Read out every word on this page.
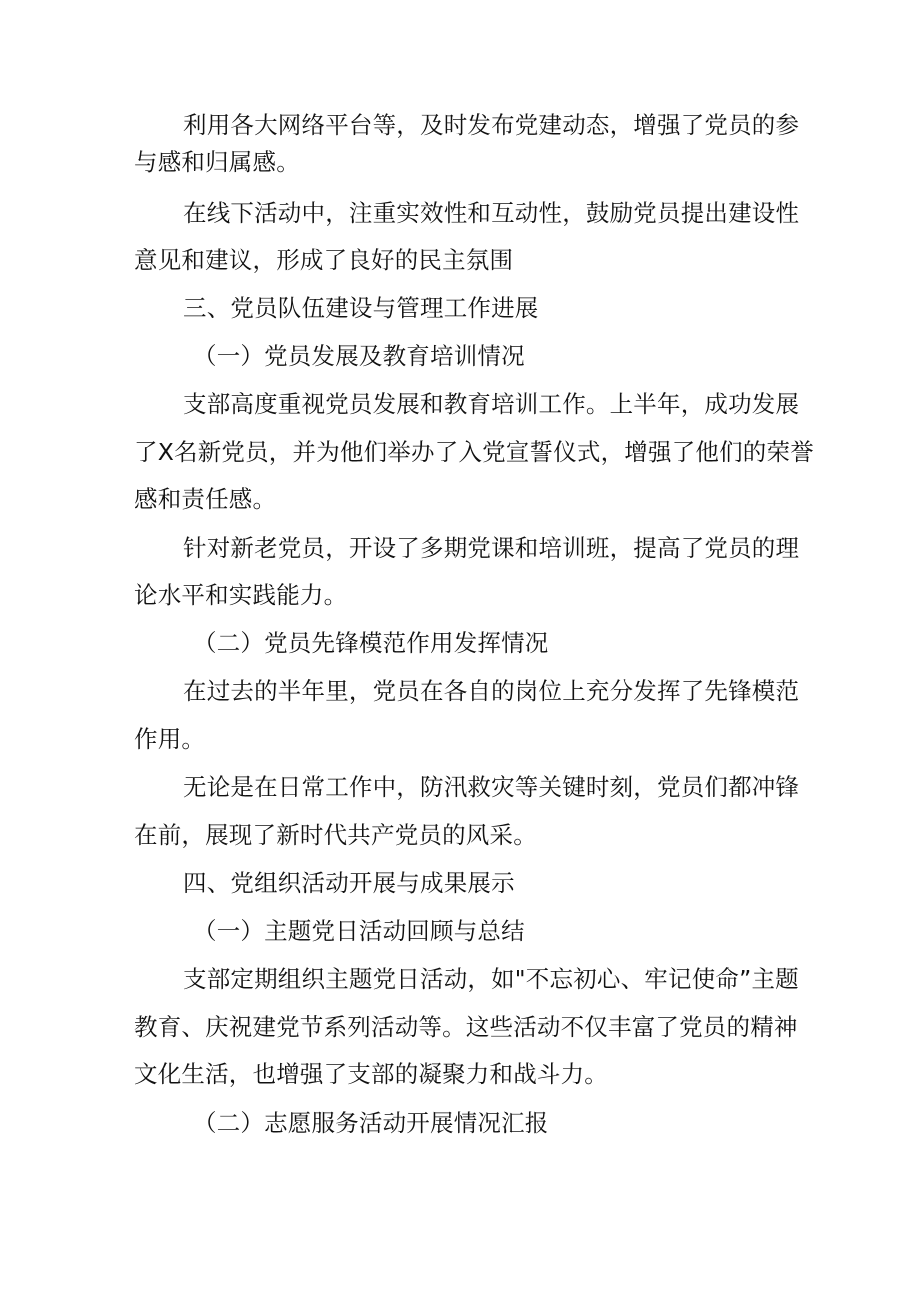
利用各大网络平台等，及时发布党建动态，增强了党员的参
与感和归属感。
在线下活动中，注重实效性和互动性，鼓励党员提出建设性
意见和建议，形成了良好的民主氛围
三、党员队伍建设与管理工作进展
（一）党员发展及教育培训情况
支部高度重视党员发展和教育培训工作。上半年，成功发展
了X名新党员，并为他们举办了入党宣誓仪式，增强了他们的荣誉
感和责任感。
针对新老党员，开设了多期党课和培训班，提高了党员的理
论水平和实践能力。
（二）党员先锋模范作用发挥情况
在过去的半年里，党员在各自的岗位上充分发挥了先锋模范
作用。
无论是在日常工作中，防汛救灾等关键时刻，党员们都冲锋
在前，展现了新时代共产党员的风采。
四、党组织活动开展与成果展示
（一）主题党日活动回顾与总结
支部定期组织主题党日活动，如"不忘初心、牢记使命”主题
教育、庆祝建党节系列活动等。这些活动不仅丰富了党员的精神
文化生活，也增强了支部的凝聚力和战斗力。
（二）志愿服务活动开展情况汇报
